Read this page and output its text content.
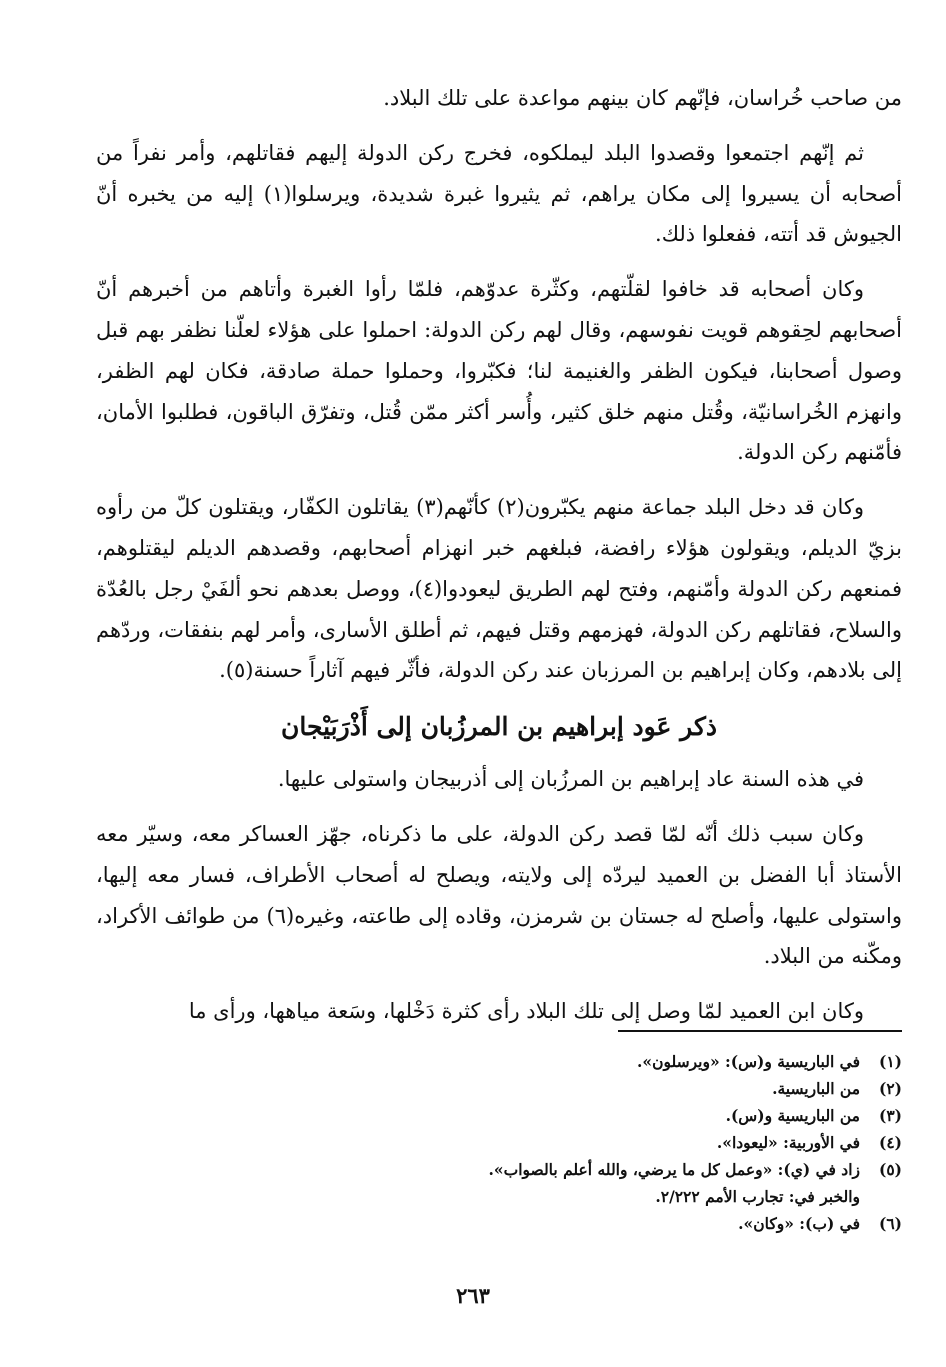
من صاحب خُراسان، فإنّهم كان بينهم مواعدة على تلك البلاد.

ثم إنّهم اجتمعوا وقصدوا البلد ليملكوه، فخرج ركن الدولة إليهم فقاتلهم، وأمر نفراً من أصحابه أن يسيروا إلى مكان يراهم، ثم يثيروا غبرة شديدة، ويرسلوا(١) إليه من يخبره أنّ الجيوش قد أتته، ففعلوا ذلك.

وكان أصحابه قد خافوا لقلّتهم، وكثّرة عدوّهم، فلمّا رأوا الغبرة وأتاهم من أخبرهم أنّ أصحابهم لحِقوهم قويت نفوسهم، وقال لهم ركن الدولة: احملوا على هؤلاء لعلّنا نظفر بهم قبل وصول أصحابنا، فيكون الظفر والغنيمة لنا؛ فكبّروا، وحملوا حملة صادقة، فكان لهم الظفر، وانهزم الخُراسانيّة، وقُتل منهم خلق كثير، وأُسر أكثر ممّن قُتل، وتفرّق الباقون، فطلبوا الأمان، فأمّنهم ركن الدولة.

وكان قد دخل البلد جماعة منهم يكبّرون(٢) كأنّهم(٣) يقاتلون الكفّار، ويقتلون كلّ من رأوه بزيّ الديلم، ويقولون هؤلاء رافضة، فبلغهم خبر انهزام أصحابهم، وقصدهم الديلم ليقتلوهم، فمنعهم ركن الدولة وأمّنهم، وفتح لهم الطريق ليعودوا(٤)، ووصل بعدهم نحو ألفَيْ رجل بالعُدّة والسلاح، فقاتلهم ركن الدولة، فهزمهم وقتل فيهم، ثم أطلق الأسارى، وأمر لهم بنفقات، وردّهم إلى بلادهم، وكان إبراهيم بن المرزبان عند ركن الدولة، فأثّر فيهم آثاراً حسنة(٥).

ذكر عَود إبراهيم بن المرزُبان إلى أَذْرَبَيْجان

في هذه السنة عاد إبراهيم بن المرزُبان إلى أذربيجان واستولى عليها.

وكان سبب ذلك أنّه لمّا قصد ركن الدولة، على ما ذكرناه، جهّز العساكر معه، وسيّر معه الأستاذ أبا الفضل بن العميد ليردّه إلى ولايته، ويصلح له أصحاب الأطراف، فسار معه إليها، واستولى عليها، وأصلح له جستان بن شرمزن، وقاده إلى طاعته، وغيره(٦) من طوائف الأكراد، ومكّنه من البلاد.

وكان ابن العميد لمّا وصل إلى تلك البلاد رأى كثرة دَخْلها، وسَعة مياهها، ورأى ما

(١)
في الباريسية و(س): «ويرسلون».
(٢)
من الباريسية.
(٣)
من الباريسية و(س).
(٤)
في الأوربية: «ليعودا».
(٥)
زاد في (ي): «وعمل كل ما يرضي، والله أعلم بالصواب».
والخبر في: تجارب الأمم ٢/٢٢٢.
(٦)
في (ب): «وكان».
٢٦٣
